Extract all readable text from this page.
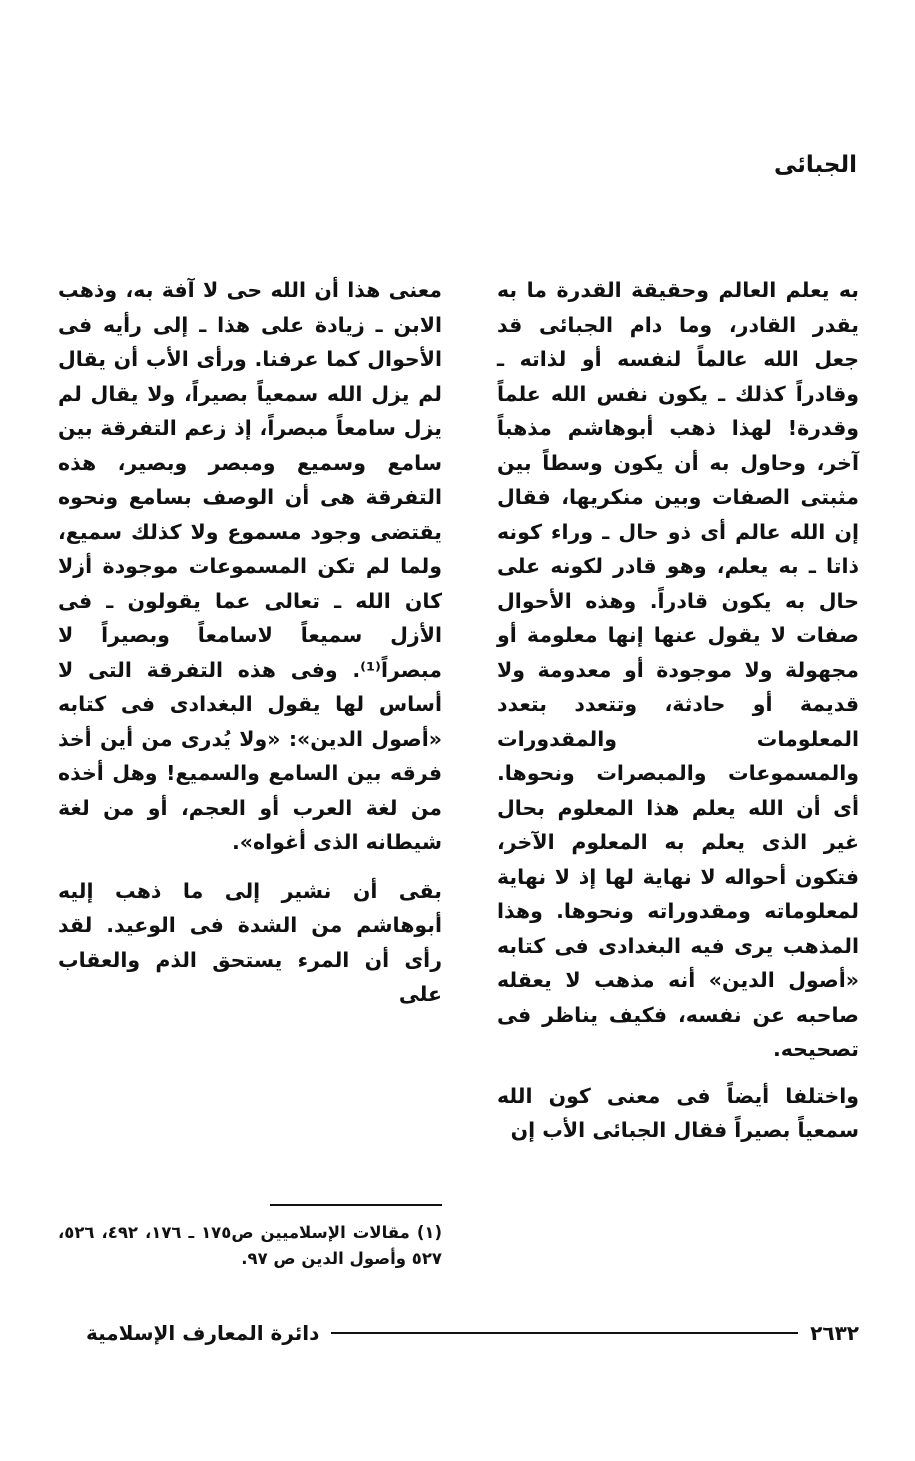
الجبائى

به يعلم العالم وحقيقة القدرة ما به يقدر القادر، وما دام الجبائى قد جعل الله عالماً لنفسه أو لذاته ـ وقادراً كذلك ـ يكون نفس الله علماً وقدرة! لهذا ذهب أبوهاشم مذهباً آخر، وحاول به أن يكون وسطاً بين مثبتى الصفات وبين منكريها، فقال إن الله عالم أى ذو حال ـ وراء كونه ذاتا ـ به يعلم، وهو قادر لكونه على حال به يكون قادراً. وهذه الأحوال صفات لا يقول عنها إنها معلومة أو مجهولة ولا موجودة أو معدومة ولا قديمة أو حادثة، وتتعدد بتعدد المعلومات والمقدورات والمسموعات والمبصرات ونحوها. أى أن الله يعلم هذا المعلوم بحال غير الذى يعلم به المعلوم الآخر، فتكون أحواله لا نهاية لها إذ لا نهاية لمعلوماته ومقدوراته ونحوها. وهذا المذهب يرى فيه البغدادى فى كتابه «أصول الدين» أنه مذهب لا يعقله صاحبه عن نفسه، فكيف يناظر فى تصحيحه.

واختلفا أيضاً فى معنى كون الله سمعياً بصيراً فقال الجبائى الأب إن

معنى هذا أن الله حى لا آفة به، وذهب الابن ـ زيادة على هذا ـ إلى رأيه فى الأحوال كما عرفنا. ورأى الأب أن يقال لم يزل الله سمعياً بصيراً، ولا يقال لم يزل سامعاً مبصراً، إذ زعم التفرقة بين سامع وسميع ومبصر وبصير، هذه التفرقة هى أن الوصف بسامع ونحوه يقتضى وجود مسموع ولا كذلك سميع، ولما لم تكن المسموعات موجودة أزلا كان الله ـ تعالى عما يقولون ـ فى الأزل سميعاً لاسامعاً وبصيراً لا مبصراً⁽¹⁾. وفى هذه التفرقة التى لا أساس لها يقول البغدادى فى كتابه «أصول الدين»: «ولا يُدرى من أين أخذ فرقه بين السامع والسميع! وهل أخذه من لغة العرب أو العجم، أو من لغة شيطانه الذى أغواه».

بقى أن نشير إلى ما ذهب إليه أبوهاشم من الشدة فى الوعيد. لقد رأى أن المرء يستحق الذم والعقاب على

(١) مقالات الإسلاميين ص١٧٥ ـ ١٧٦، ٤٩٢، ٥٢٦، ٥٢٧ وأصول الدين ص ٩٧.
٢٦٣٢
دائرة المعارف الإسلامية
